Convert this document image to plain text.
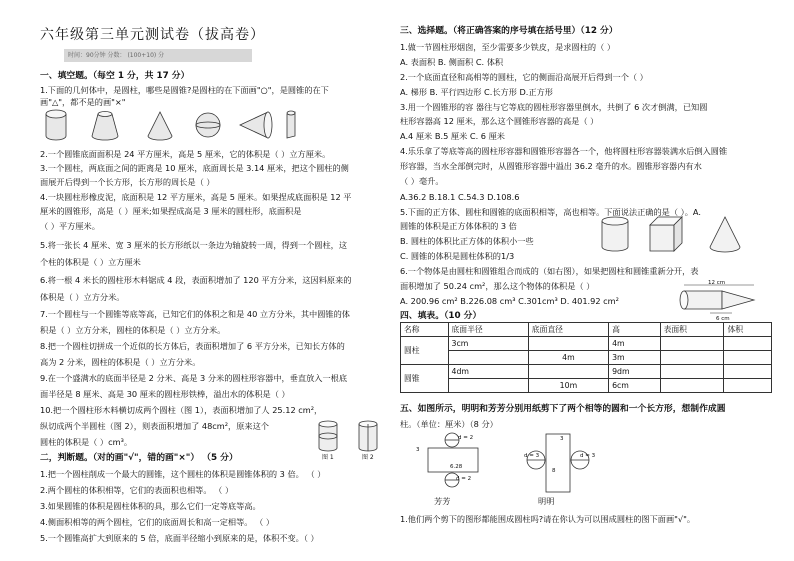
六年级第三单元测试卷（拔高卷）
时间：90分钟 分数： (100+10) 分
一、填空题。（每空 1 分，共 17 分）
1.下面的几何体中，是圆柱，哪些是圆锥?是圆柱的在下面画"○"，是圆锥的在下
画"△"，都不是的画"×"
2.一个圆锥底面面积是 24 平方厘米，高是 5 厘米，它的体积是（ ）立方厘米。
3.一个圆柱，两底面之间的距离是 10 厘米，底面周长是 3.14 厘米，把这个圆柱的侧
面展开后得到一个长方形，长方形的周长是（ ）
4.一块圆柱形橡皮泥，底面积是 12 平方厘米，高是 5 厘米。如果捏成底面积是 12 平
厘米的圆锥形，高是（ ）厘米;如果捏成高是 3 厘米的圆柱形，底面积是
（ ）平方厘米。
5.将一张长 4 厘米、宽 3 厘米的长方形纸以一条边为轴旋转一周，得到一个圆柱，这
个柱的体积是（ ）立方厘米
6.将一根 4 米长的圆柱形木料锯成 4 段，表面积增加了 120 平方分米，这因料原来的
体积是（ ）立方分米。
7.一个圆柱与一个圆锥等底等高，已知它们的体积之和是 40 立方分米，其中圆锥的体
积是（ ）立方分米，圆柱的体积是（ ）立方分米。
8.把一个圆柱切拼成一个近似的长方体后，表面积增加了 6 平方分米，已知长方体的
高为 2 分米，圆柱的体积是（ ）立方分米。
9.在一个盛满水的底面半径是 2 分米、高是 3 分米的圆柱形容器中，垂直放入一根底
面半径是 8 厘米、高是 30 厘米的圆柱形铁棒，溢出水的体积是（ ）
10.把一个圆柱形木料横切成两个圆柱（图 1），表面积增加了人 25.12 cm²，
纵切成两个半圆柱（图 2），则表面积增加了 48cm²，原来这个
圆柱的体积是（ ）cm³。
图 1	图 2
二，判断题。（对的画"√"，错的画"×"） （5 分）
1.把一个圆柱削成一个最大的圆锥，这个圆柱的体积是圆锥体积的 3 倍。 （ ）
2.两个圆柱的体积相等，它们的表面积也相等。 （ ）
3.如果圆锥的体积是圆柱体积的具，那么它们一定等底等高。
4.侧面积相等的两个圆柱，它们的底面周长和高一定相等。 （ ）
5.一个圆锥高扩大到原来的 5 倍，底面半径缩小到原来的是，体积不变。（ ）
三、选择题。（将正确答案的序号填在括号里）（12 分）
1.做一节圆柱形烟囱，至少需要多少铁皮，是求圆柱的（ ）
A. 表面积 B. 侧面积 C. 体积
2.一个底面直径和高相等的圆柱，它的侧面沿高展开后得到一个（ ）
A. 梯形 B. 平行四边形 C.长方形 D.正方形
3.用一个圆锥形的容 器往与它等底的圆柱形容器里倒水，共倒了 6 次才倒满，已知圆
柱形容器高 12 厘米，那么这个圆锥形容器的高是（ ）
A.4 厘米 B.5 厘米 C. 6 厘米
4.乐乐拿了等底等高的圆柱形容器和圆锥形容器各一个，他将圆柱形容器装满水后倒入圆锥
形容器，当水全部倒完时，从圆锥形容器中溢出 36.2 毫升的水。圆锥形容器内有水
（ ）毫升。
A.36.2 B.18.1 C.54.3 D.108.6
5.下面的正方体、圆柱和圆锥的底面积相等，高也相等。下面说法正确的是（ ）。A.
圆锥的体积是正方体体积的 3 倍
B. 圆柱的体积比正方体的体积小一些
C. 圆锥的体积是圆柱体积的1/3
6.一个物体是由圆柱和圆锥组合而成的（如右图），如果把圆柱和圆锥重新分开，表
面积增加了 50.24 cm²，那么这个物体的体积是（ ）
A. 200.96 cm² B.226.08 cm³ C.301cm³ D. 401.92 cm²
12 cm
6 cm
四、填表。（10 分）
名称	底面半径	底面直径	高	表面积	体积
圆柱	3cm		4m		
		4m	3m		
圆锥	4dm		9dm		
		10m	6cm		
五、如图所示，明明和芳芳分别用纸剪下了两个相等的圆和一个长方形，想制作成圆
柱。（单位：厘米）（8 分）
d = 2
6.28
3
d = 2
芳芳
3
d = 3	d = 3
8
明明
1.他们两个剪下的图形都能围成圆柱吗?请在你认为可以围成圆柱的图下面画"√"。
